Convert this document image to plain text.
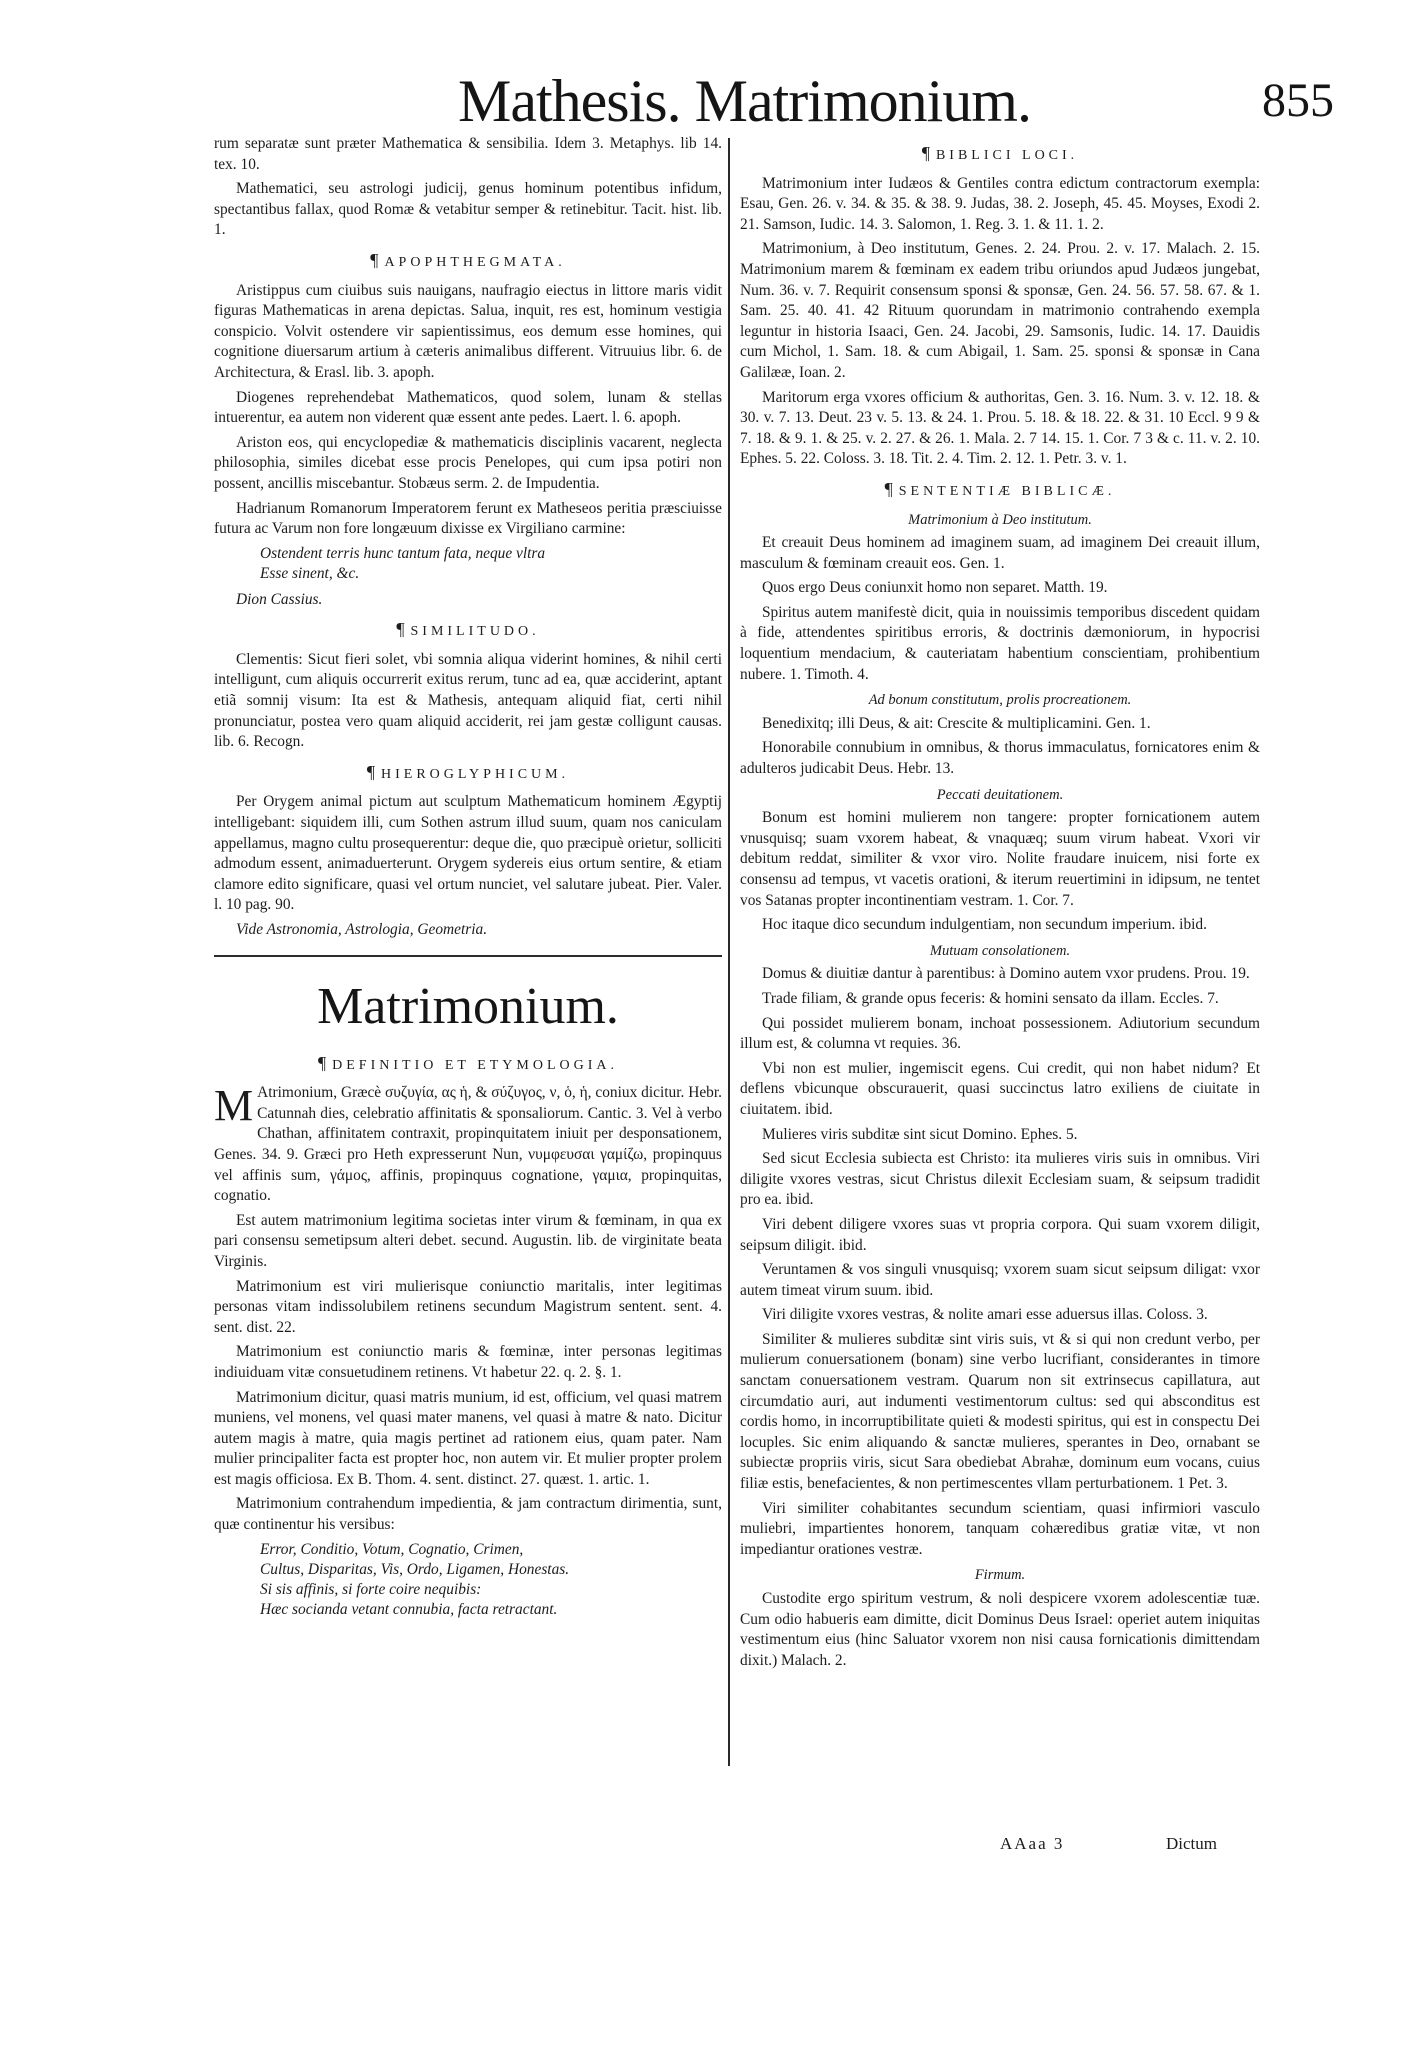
Mathesis. Matrimonium.	855

rum separatæ sunt præter Mathematica & sensibilia. Idem 3. Metaphys. lib 14. tex. 10.

Mathematici, seu astrologi judicij, genus hominum potentibus infidum, spectantibus fallax, quod Romæ & vetabitur semper & retinebitur. Tacit. hist. lib. 1.

¶ APOPHTHEGMATA.

Aristippus cum ciuibus suis nauigans, naufragio eiectus in littore maris vidit figuras Mathematicas in arena depictas. Salua, inquit, res est, hominum vestigia conspicio. Volvit ostendere vir sapientissimus, eos demum esse homines, qui cognitione diuersarum artium à cæteris animalibus different. Vitruuius libr. 6. de Architectura, & Erasl. lib. 3. apoph.

Diogenes reprehendebat Mathematicos, quod solem, lunam & stellas intuerentur, ea autem non viderent quæ essent ante pedes. Laert. l. 6. apoph.

Ariston eos, qui encyclopediæ & mathematicis disciplinis vacarent, neglecta philosophia, similes dicebat esse procis Penelopes, qui cum ipsa potiri non possent, ancillis miscebantur. Stobæus serm. 2. de Impudentia.

Hadrianum Romanorum Imperatorem ferunt ex Matheseos peritia præsciuisse futura ac Varum non fore longæuum dixisse ex Virgiliano carmine:

Ostendent terris hunc tantum fata, neque vltra
Esse sinent, &c.

Dion Cassius.

¶ SIMILITUDO.

Clementis: Sicut fieri solet, vbi somnia aliqua viderint homines, & nihil certi intelligunt, cum aliquis occurrerit exitus rerum, tunc ad ea, quæ acciderint, aptant etiã somnij visum: Ita est & Mathesis, antequam aliquid fiat, certi nihil pronunciatur, postea vero quam aliquid acciderit, rei jam gestæ colligunt causas. lib. 6. Recogn.

¶ HIEROGLYPHICUM.

Per Orygem animal pictum aut sculptum Mathematicum hominem Ægyptij intelligebant: siquidem illi, cum Sothen astrum illud suum, quam nos caniculam appellamus, magno cultu prosequerentur: deque die, quo præcipuè orietur, solliciti admodum essent, animaduerterunt. Orygem sydereis eius ortum sentire, & etiam clamore edito significare, quasi vel ortum nunciet, vel salutare jubeat. Pier. Valer. l. 10 pag. 90.

Vide Astronomia, Astrologia, Geometria.

Matrimonium.
¶ DEFINITIO ET ETYMOLOGIA.

M Atrimonium, Græcè συζυγία, ας ἡ, & σύζυγος, ν, ὁ, ἡ, coniux dicitur. Hebr. Catunnah dies, celebratio affinitatis & sponsaliorum. Cantic. 3. Vel à verbo Chathan, affinitatem contraxit, propinquitatem iniuit per desponsationem, Genes. 34. 9. Græci pro Heth expresserunt Nun, νυμφευσαι γαμίζω, propinquus vel affinis sum, γάμος, affinis, propinquus cognatione, γαμια, propinquitas, cognatio.

Est autem matrimonium legitima societas inter virum & fœminam, in qua ex pari consensu semetipsum alteri debet. secund. Augustin. lib. de virginitate beata Virginis.

Matrimonium est viri mulierisque coniunctio maritalis, inter legitimas personas vitam indissolubilem retinens secundum Magistrum sentent. sent. 4. sent. dist. 22.

Matrimonium est coniunctio maris & fœminæ, inter personas legitimas indiuiduam vitæ consuetudinem retinens. Vt habetur 22. q. 2. §. 1.

Matrimonium dicitur, quasi matris munium, id est, officium, vel quasi matrem muniens, vel monens, vel quasi mater manens, vel quasi à matre & nato. Dicitur autem magis à matre, quia magis pertinet ad rationem eius, quam pater. Nam mulier principaliter facta est propter hoc, non autem vir. Et mulier propter prolem est magis officiosa. Ex B. Thom. 4. sent. distinct. 27. quæst. 1. artic. 1.

Matrimonium contrahendum impedientia, & jam contractum dirimentia, sunt, quæ continentur his versibus:

Error, Conditio, Votum, Cognatio, Crimen,
Cultus, Disparitas, Vis, Ordo, Ligamen, Honestas.
Si sis affinis, si forte coire nequibis:
Hæc socianda vetant connubia, facta retractant.
¶ BIBLICI LOCI.

Matrimonium inter Iudæos & Gentiles contra edictum contractorum exempla: Esau, Gen. 26. v. 34. & 35. & 38. 9. Judas, 38. 2. Joseph, 45. 45. Moyses, Exodi 2. 21. Samson, Iudic. 14. 3. Salomon, 1. Reg. 3. 1. & 11. 1. 2.

Matrimonium, à Deo institutum, Genes. 2. 24. Prou. 2. v. 17. Malach. 2. 15. Matrimonium marem & fœminam ex eadem tribu oriundos apud Judæos jungebat, Num. 36. v. 7. Requirit consensum sponsi & sponsæ, Gen. 24. 56. 57. 58. 67. & 1. Sam. 25. 40. 41. 42 Rituum quorundam in matrimonio contrahendo exempla leguntur in historia Isaaci, Gen. 24. Jacobi, 29. Samsonis, Iudic. 14. 17. Dauidis cum Michol, 1. Sam. 18. & cum Abigail, 1. Sam. 25. sponsi & sponsæ in Cana Galilææ, Ioan. 2.

Maritorum erga vxores officium & authoritas, Gen. 3. 16. Num. 3. v. 12. 18. & 30. v. 7. 13. Deut. 23 v. 5. 13. & 24. 1. Prou. 5. 18. & 18. 22. & 31. 10 Eccl. 9 9 & 7. 18. & 9. 1. & 25. v. 2. 27. & 26. 1. Mala. 2. 7 14. 15. 1. Cor. 7 3 & c. 11. v. 2. 10. Ephes. 5. 22. Coloss. 3. 18. Tit. 2. 4. Tim. 2. 12. 1. Petr. 3. v. 1.

¶ SENTENTIÆ BIBLICÆ.
Matrimonium à Deo institutum.

Et creauit Deus hominem ad imaginem suam, ad imaginem Dei creauit illum, masculum & fœminam creauit eos. Gen. 1.

Quos ergo Deus coniunxit homo non separet. Matth. 19.

Spiritus autem manifestè dicit, quia in nouissimis temporibus discedent quidam à fide, attendentes spiritibus erroris, & doctrinis dæmoniorum, in hypocrisi loquentium mendacium, & cauteriatam habentium conscientiam, prohibentium nubere. 1. Timoth. 4.

Ad bonum constitutum, prolis procreationem.

Benedixitq; illi Deus, & ait: Crescite & multiplicamini. Gen. 1.

Honorabile connubium in omnibus, & thorus immaculatus, fornicatores enim & adulteros judicabit Deus. Hebr. 13.

Peccati deuitationem.

Bonum est homini mulierem non tangere: propter fornicationem autem vnusquisq; suam vxorem habeat, & vnaquæq; suum virum habeat. Vxori vir debitum reddat, similiter & vxor viro. Nolite fraudare inuicem, nisi forte ex consensu ad tempus, vt vacetis orationi, & iterum reuertimini in idipsum, ne tentet vos Satanas propter incontinentiam vestram. 1. Cor. 7.

Hoc itaque dico secundum indulgentiam, non secundum imperium. ibid.

Mutuam consolationem.

Domus & diuitiæ dantur à parentibus: à Domino autem vxor prudens. Prou. 19.

Trade filiam, & grande opus feceris: & homini sensato da illam. Eccles. 7.

Qui possidet mulierem bonam, inchoat possessionem. Adiutorium secundum illum est, & columna vt requies. 36.

Vbi non est mulier, ingemiscit egens. Cui credit, qui non habet nidum? Et deflens vbicunque obscurauerit, quasi succinctus latro exiliens de ciuitate in ciuitatem. ibid.

Mulieres viris subditæ sint sicut Domino. Ephes. 5.

Sed sicut Ecclesia subiecta est Christo: ita mulieres viris suis in omnibus. Viri diligite vxores vestras, sicut Christus dilexit Ecclesiam suam, & seipsum tradidit pro ea. ibid.

Viri debent diligere vxores suas vt propria corpora. Qui suam vxorem diligit, seipsum diligit. ibid.

Veruntamen & vos singuli vnusquisq; vxorem suam sicut seipsum diligat: vxor autem timeat virum suum. ibid.

Viri diligite vxores vestras, & nolite amari esse aduersus illas. Coloss. 3.

Similiter & mulieres subditæ sint viris suis, vt & si qui non credunt verbo, per mulierum conuersationem (bonam) sine verbo lucrifiant, considerantes in timore sanctam conuersationem vestram. Quarum non sit extrinsecus capillatura, aut circumdatio auri, aut indumenti vestimentorum cultus: sed qui absconditus est cordis homo, in incorruptibilitate quieti & modesti spiritus, qui est in conspectu Dei locuples. Sic enim aliquando & sanctæ mulieres, sperantes in Deo, ornabant se subiectæ propriis viris, sicut Sara obediebat Abrahæ, dominum eum vocans, cuius filiæ estis, benefacientes, & non pertimescentes vllam perturbationem. 1 Pet. 3.

Viri similiter cohabitantes secundum scientiam, quasi infirmiori vasculo muliebri, impartientes honorem, tanquam cohæredibus gratiæ vitæ, vt non impediantur orationes vestræ.

Firmum.

Custodite ergo spiritum vestrum, & noli despicere vxorem adolescentiæ tuæ. Cum odio habueris eam dimitte, dicit Dominus Deus Israel: operiet autem iniquitas vestimentum eius (hinc Saluator vxorem non nisi causa fornicationis dimittendam dixit.) Malach. 2.

AAaa 3	Dictum
